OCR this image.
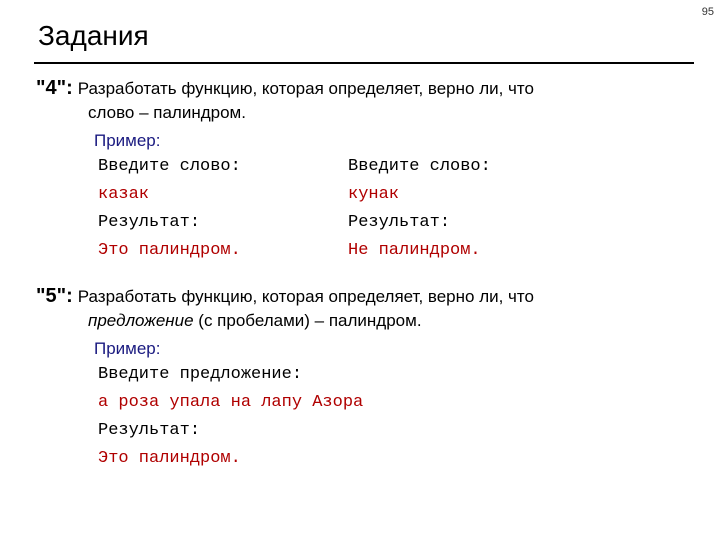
95
Задания
"4": Разработать функцию, которая определяет, верно ли, что
слово – палиндром.
Пример:
Введите слово:
казак
Результат:
Это палиндром.
Введите слово:
кунак
Результат:
Не палиндром.
"5": Разработать функцию, которая определяет, верно ли, что
предложение (с пробелами) – палиндром.
Пример:
Введите предложение:
а роза упала на лапу Азора
Результат:
Это палиндром.
